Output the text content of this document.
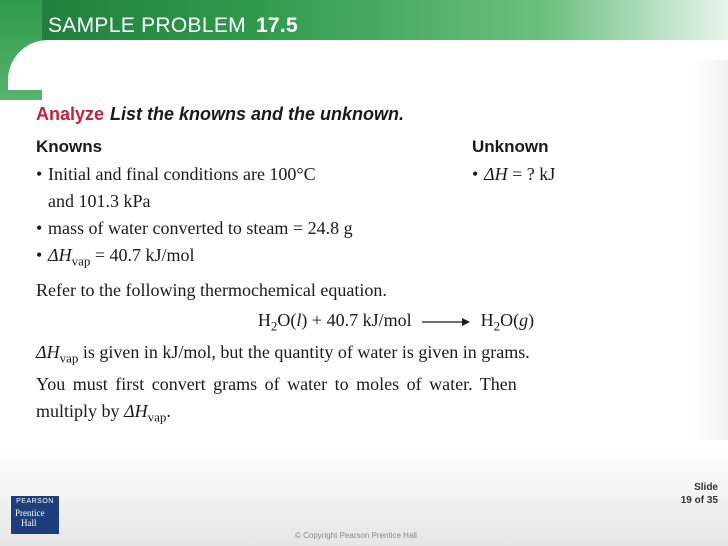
SAMPLE PROBLEM 17.5
Analyze List the knowns and the unknown.
Knowns
• Initial and final conditions are 100°C
and 101.3 kPa
• mass of water converted to steam = 24.8 g
• $\Delta H_{vap} = 40.7$ kJ/mol
Unknown
• ΔH = ? kJ
Refer to the following thermochemical equation.
$H_2O(l) + 40.7$ $kJ/mol \to H_2O(g)$
$\Delta H_{vap}$ is given in kJ/mol, but the quantity of water is given in grams.
You must first convert grams of water to moles of water. Then
multiply by $\Delta H_{vap}$.
PEARSON
Prentice
Hall
© Copyright Pearson Prentice Hall
Slide
19 of 35
